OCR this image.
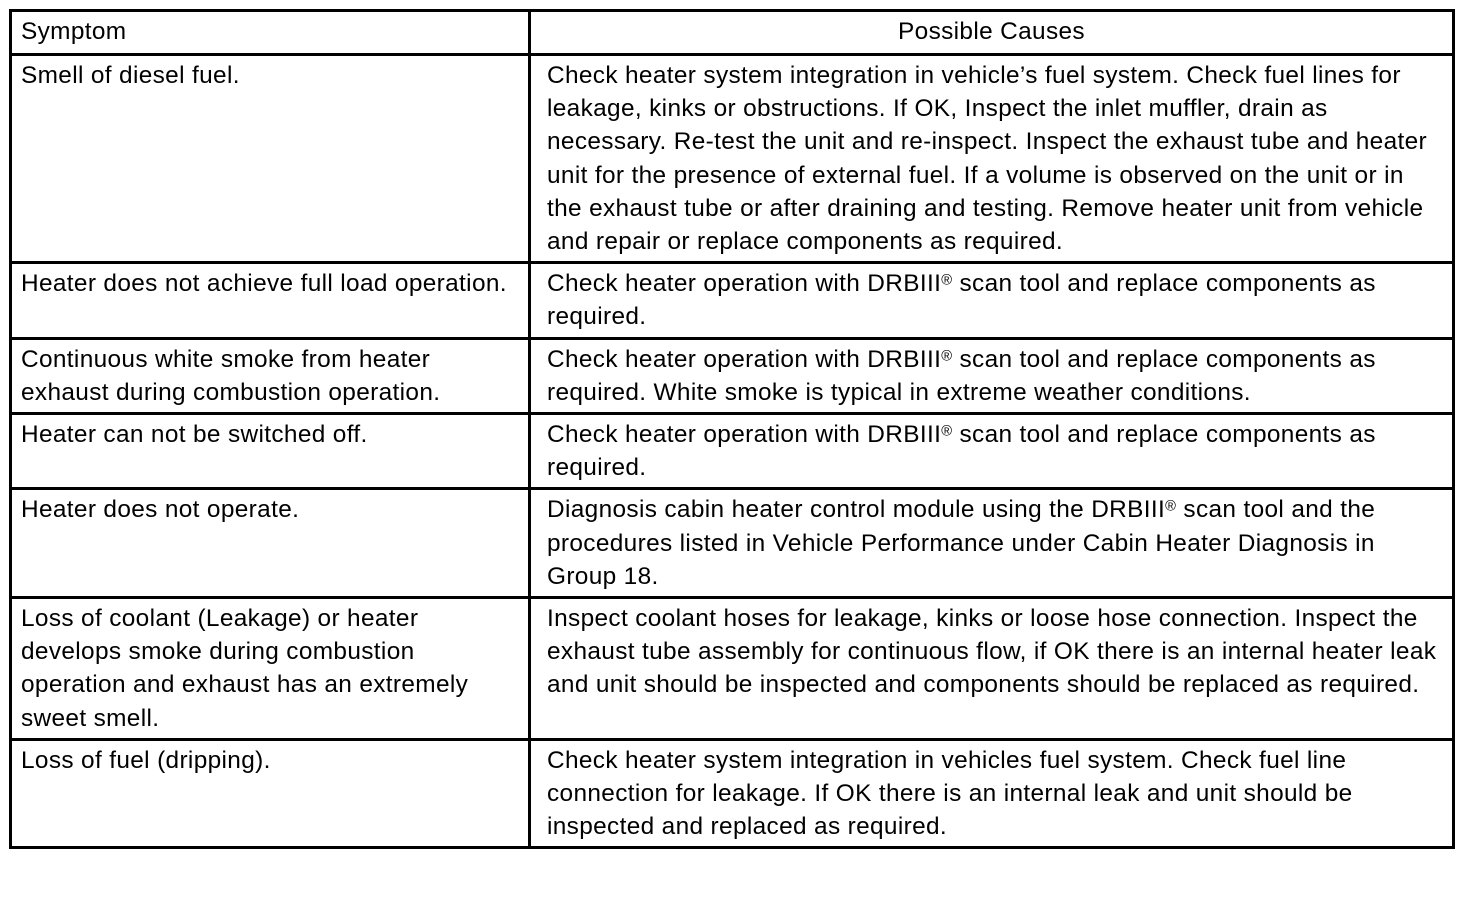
Symptom	Possible Causes
Smell of diesel fuel.	Check heater system integration in vehicle’s fuel system. Check fuel lines for leakage, kinks or obstructions. If OK, Inspect the inlet muffler, drain as necessary. Re-test the unit and re-inspect. Inspect the exhaust tube and heater unit for the presence of external fuel. If a volume is observed on the unit or in the exhaust tube or after draining and testing. Remove heater unit from vehicle and repair or replace components as required.
Heater does not achieve full load operation.	Check heater operation with DRBIII® scan tool and replace components as required.
Continuous white smoke from heater exhaust during combustion operation.	Check heater operation with DRBIII® scan tool and replace components as required. White smoke is typical in extreme weather conditions.
Heater can not be switched off.	Check heater operation with DRBIII® scan tool and replace components as required.
Heater does not operate.	Diagnosis cabin heater control module using the DRBIII® scan tool and the procedures listed in Vehicle Performance under Cabin Heater Diagnosis in Group 18.
Loss of coolant (Leakage) or heater develops smoke during combustion operation and exhaust has an extremely sweet smell.	Inspect coolant hoses for leakage, kinks or loose hose connection. Inspect the exhaust tube assembly for continuous flow, if OK there is an internal heater leak and unit should be inspected and components should be replaced as required.
Loss of fuel (dripping).	Check heater system integration in vehicles fuel system. Check fuel line connection for leakage. If OK there is an internal leak and unit should be inspected and replaced as required.
